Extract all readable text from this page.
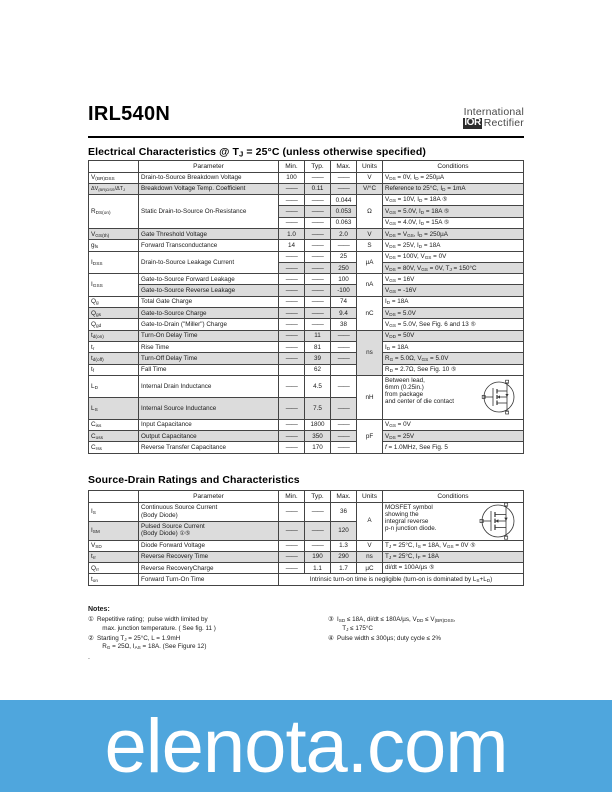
IRL540N	International
IOR Rectifier
Electrical Characteristics @ $T_J = 25^\circ C$ (unless otherwise specified)
	Parameter	Min.	Typ.	Max.	Units	Conditions
$V_{(BR)DSS}$	Drain-to-Source Breakdown Voltage	100	——	——	V	$V_{DS} = 0V$, $I_D = 250\mu A$
$\Delta V_{(BR)DSS}/\Delta T_J$	Breakdown Voltage Temp. Coefficient	——	0.11	——	V/°C	Reference to 25°C, $I_D = 1mA$
$R_{DS(on)}$	Static Drain-to-Source On-Resistance	——	——	0.044	Ω	$V_{GS} = 10V$, $I_D = 18A$ ⑤
		——	——	0.053		$V_{GS} = 5.0V$, $I_D = 18A$ ⑤
		——	——	0.063		$V_{GS} = 4.0V$, $I_D = 15A$ ⑤
$V_{GS(th)}$	Gate Threshold Voltage	1.0	——	2.0	V	$V_{DS} = V_{GS}$, $I_D = 250\mu A$
$g_{fs}$	Forward Transconductance	14	——	——	S	$V_{DS} = 25V$, $I_D = 18A$
$I_{DSS}$	Drain-to-Source Leakage Current	——	——	25	µA	$V_{DS} = 100V$, $V_{GS} = 0V$
		——	——	250		$V_{DS} = 80V$, $V_{GS} = 0V$, $T_J = 150^\circ C$
$I_{GSS}$	Gate-to-Source Forward Leakage	——	——	100	nA	$V_{GS} = 16V$
	Gate-to-Source Reverse Leakage	——	——	-100		$V_{GS} = -16V$
$Q_g$	Total Gate Charge	——	——	74	nC	$I_D = 18A$
$Q_{gs}$	Gate-to-Source Charge	——	——	9.4		$V_{DS} = 5.0V$
$Q_{gd}$	Gate-to-Drain ("Miller") Charge	——	——	38		$V_{GS} = 5.0V$, See Fig. 6 and 13 ⑤
$t_{d(on)}$	Turn-On Delay Time	——	11	——	ns	$V_{DD} = 50V$
$t_r$	Rise Time	——	81	——		$I_D = 18A$
$t_{d(off)}$	Turn-Off Delay Time	——	39	——		$R_G = 5.0\Omega$, $V_{GS} = 5.0V$
$t_f$	Fall Time		62			$R_D = 2.7\Omega$, See Fig. 10 ⑤
$L_D$	Internal Drain Inductance	——	4.5	——	nH	Between lead,
6mm (0.25in.)
from package
and center of die contact

$L_S$	Internal Source Inductance	——	7.5	——		
$C_{iss}$	Input Capacitance	——	1800	——	pF	$V_{GS} = 0V$
$C_{oss}$	Output Capacitance	——	350	——		$V_{DS} = 25V$
$C_{rss}$	Reverse Transfer Capacitance	——	170	——		f = 1.0MHz, See Fig. 5
Source-Drain Ratings and Characteristics
	Parameter	Min.	Typ.	Max.	Units	Conditions
$I_S$	Continuous Source Current
(Body Diode)	——	——	36	A	MOSFET symbol
showing the
integral reverse
p-n junction diode.

$I_{SM}$	Pulsed Source Current
(Body Diode) ①⑤	——	——	120		
$V_{SD}$	Diode Forward Voltage	——	——	1.3	V	$T_J = 25^\circ C$, $I_S = 18A$, $V_{GS} = 0V$ ⑤
$t_{rr}$	Reverse Recovery Time	——	190	290	ns	$T_J = 25^\circ C$, $I_F = 18A$
$Q_{rr}$	Reverse RecoveryCharge	——	1.1	1.7	µC	di/dt = 100A/µs ⑤
$t_{on}$	Forward Turn-On Time	Intrinsic turn-on time is negligible (turn-on is dominated by $L_S+L_D$)				
Notes:
① Repetitive rating;  pulse width limited by
max. junction temperature. ( See fig. 11 )
② Starting $T_J = 25^\circ C$, L = 1.9mH
$R_G = 25\Omega$, $I_{AS} = 18A$. (See Figure 12)
.
③ $I_{SD} \le 18A$, di/dt ≤ 180A/µs, $V_{DD} \le V_{(BR)DSS}$,
$T_J \le 175^\circ C$
④ Pulse width ≤ 300µs; duty cycle ≤ 2%
elenota.com
